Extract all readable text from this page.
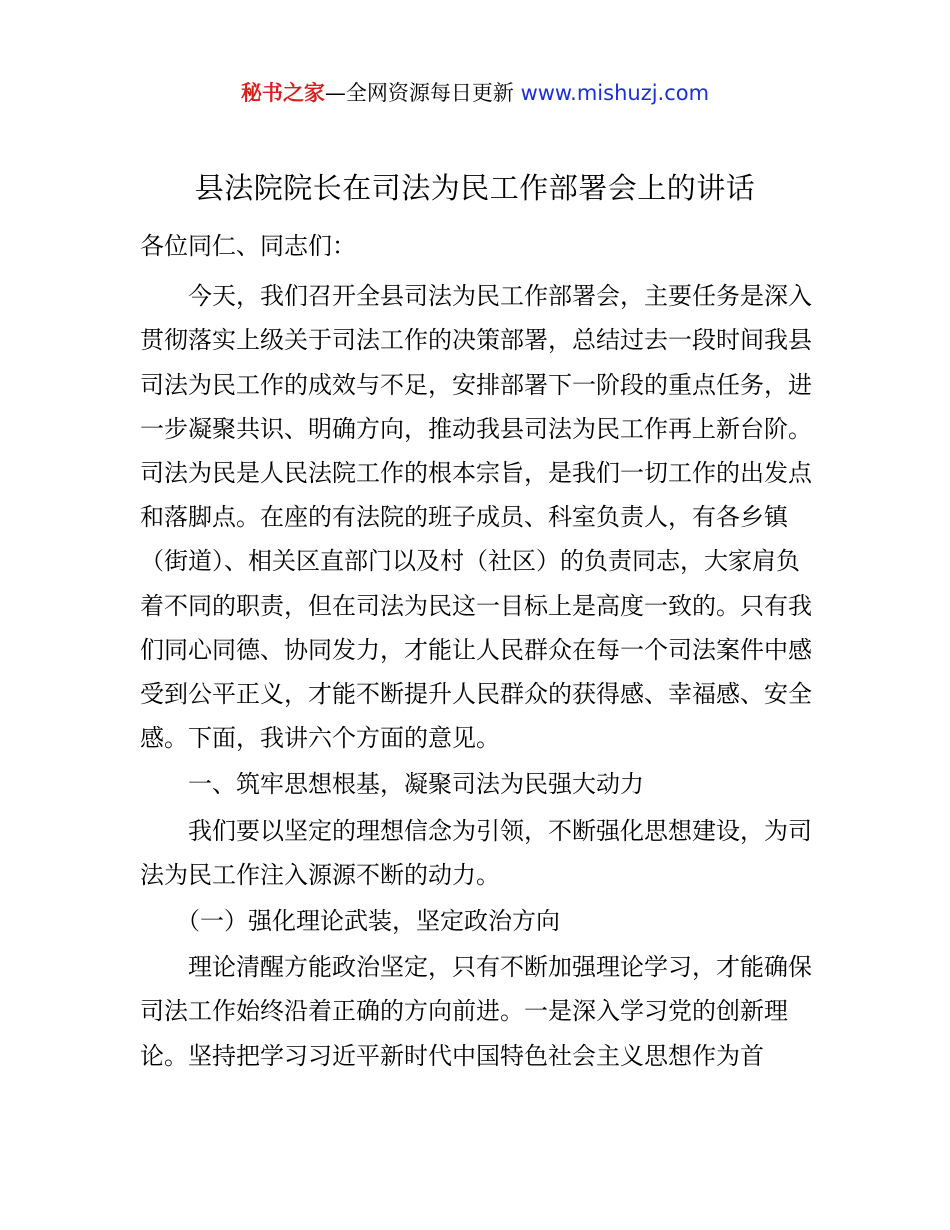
秘书之家—全网资源每日更新 www.mishuzj.com
县法院院长在司法为民工作部署会上的讲话

各位同仁、同志们：

今天，我们召开全县司法为民工作部署会，主要任务是深入贯彻落实上级关于司法工作的决策部署，总结过去一段时间我县司法为民工作的成效与不足，安排部署下一阶段的重点任务，进一步凝聚共识、明确方向，推动我县司法为民工作再上新台阶。司法为民是人民法院工作的根本宗旨，是我们一切工作的出发点和落脚点。在座的有法院的班子成员、科室负责人，有各乡镇（街道）、相关区直部门以及村（社区）的负责同志，大家肩负着不同的职责，但在司法为民这一目标上是高度一致的。只有我们同心同德、协同发力，才能让人民群众在每一个司法案件中感受到公平正义，才能不断提升人民群众的获得感、幸福感、安全感。下面，我讲六个方面的意见。

一、筑牢思想根基，凝聚司法为民强大动力

我们要以坚定的理想信念为引领，不断强化思想建设，为司法为民工作注入源源不断的动力。

（一）强化理论武装，坚定政治方向

理论清醒方能政治坚定，只有不断加强理论学习，才能确保司法工作始终沿着正确的方向前进。一是深入学习党的创新理论。坚持把学习习近平新时代中国特色社会主义思想作为首
